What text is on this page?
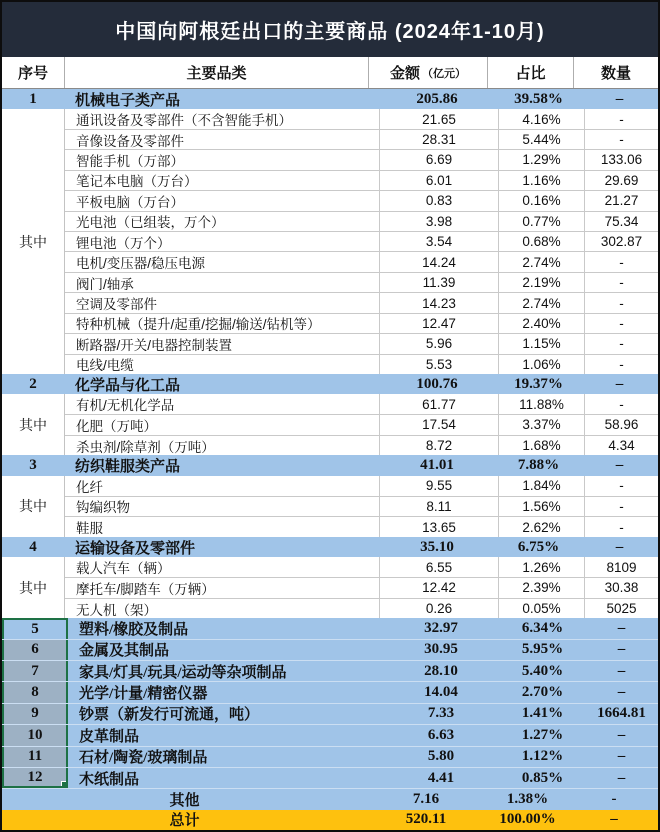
中国向阿根廷出口的主要商品 (2024年1-10月)
序号	主要品类	金额 （亿元）	占比	数量
1	机械电子类产品	205.86	39.58%	–
其中
通讯设备及零部件（不含智能手机）	21.65	4.16%	-
音像设备及零部件	28.31	5.44%	-
智能手机（万部）	6.69	1.29%	133.06
笔记本电脑（万台）	6.01	1.16%	29.69
平板电脑（万台）	0.83	0.16%	21.27
光电池（已组装，万个）	3.98	0.77%	75.34
锂电池（万个）	3.54	0.68%	302.87
电机/变压器/稳压电源	14.24	2.74%	-
阀门/轴承	11.39	2.19%	-
空调及零部件	14.23	2.74%	-
特种机械（提升/起重/挖掘/输送/钻机等）	12.47	2.40%	-
断路器/开关/电器控制装置	5.96	1.15%	-
电线/电缆	5.53	1.06%	-
2	化学品与化工品	100.76	19.37%	–
其中
有机/无机化学品	61.77	11.88%	-
化肥（万吨）	17.54	3.37%	58.96
杀虫剂/除草剂（万吨）	8.72	1.68%	4.34
3	纺织鞋服类产品	41.01	7.88%	–
其中
化纤	9.55	1.84%	-
钩编织物	8.11	1.56%	-
鞋服	13.65	2.62%	-
4	运输设备及零部件	35.10	6.75%	–
其中
载人汽车（辆）	6.55	1.26%	8109
摩托车/脚踏车（万辆）	12.42	2.39%	30.38
无人机（架）	0.26	0.05%	5025
5	塑料/橡胶及制品	32.97	6.34%	–
6	金属及其制品	30.95	5.95%	–
7	家具/灯具/玩具/运动等杂项制品	28.10	5.40%	–
8	光学/计量/精密仪器	14.04	2.70%	–
9	钞票（新发行可流通，吨）	7.33	1.41%	1664.81
10	皮革制品	6.63	1.27%	–
11	石材/陶瓷/玻璃制品	5.80	1.12%	–
12	木纸制品	4.41	0.85%	–
其他	7.16	1.38%	-
总计	520.11	100.00%	–
